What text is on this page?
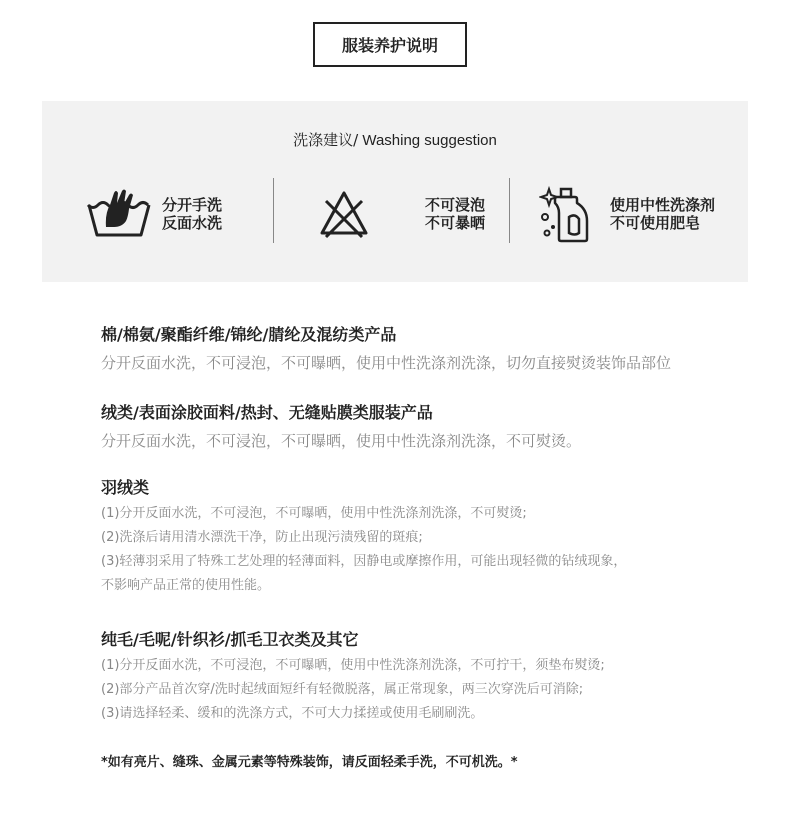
服装养护说明
洗涤建议/ Washing suggestion
分开手洗
反面水洗
不可浸泡
不可暴晒
使用中性洗涤剂
不可使用肥皂
棉/棉氨/聚酯纤维/锦纶/腈纶及混纺类产品
分开反面水洗，不可浸泡，不可曝晒，使用中性洗涤剂洗涤，切勿直接熨烫装饰品部位
绒类/表面涂胶面料/热封、无缝贴膜类服装产品
分开反面水洗，不可浸泡，不可曝晒，使用中性洗涤剂洗涤，不可熨烫。
羽绒类
(1)分开反面水洗，不可浸泡，不可曝晒，使用中性洗涤剂洗涤，不可熨烫;
(2)洗涤后请用清水漂洗干净，防止出现污渍残留的斑痕;
(3)轻薄羽采用了特殊工艺处理的轻薄面料，因静电或摩擦作用，可能出现轻微的钻绒现象，
不影响产品正常的使用性能。
纯毛/毛呢/针织衫/抓毛卫衣类及其它
(1)分开反面水洗，不可浸泡，不可曝晒，使用中性洗涤剂洗涤，不可拧干，须垫布熨烫;
(2)部分产品首次穿/洗时起绒面短纤有轻微脱落，属正常现象，两三次穿洗后可消除;
(3)请选择轻柔、缓和的洗涤方式，不可大力揉搓或使用毛刷刷洗。
*如有亮片、缝珠、金属元素等特殊装饰，请反面轻柔手洗，不可机洗。*
